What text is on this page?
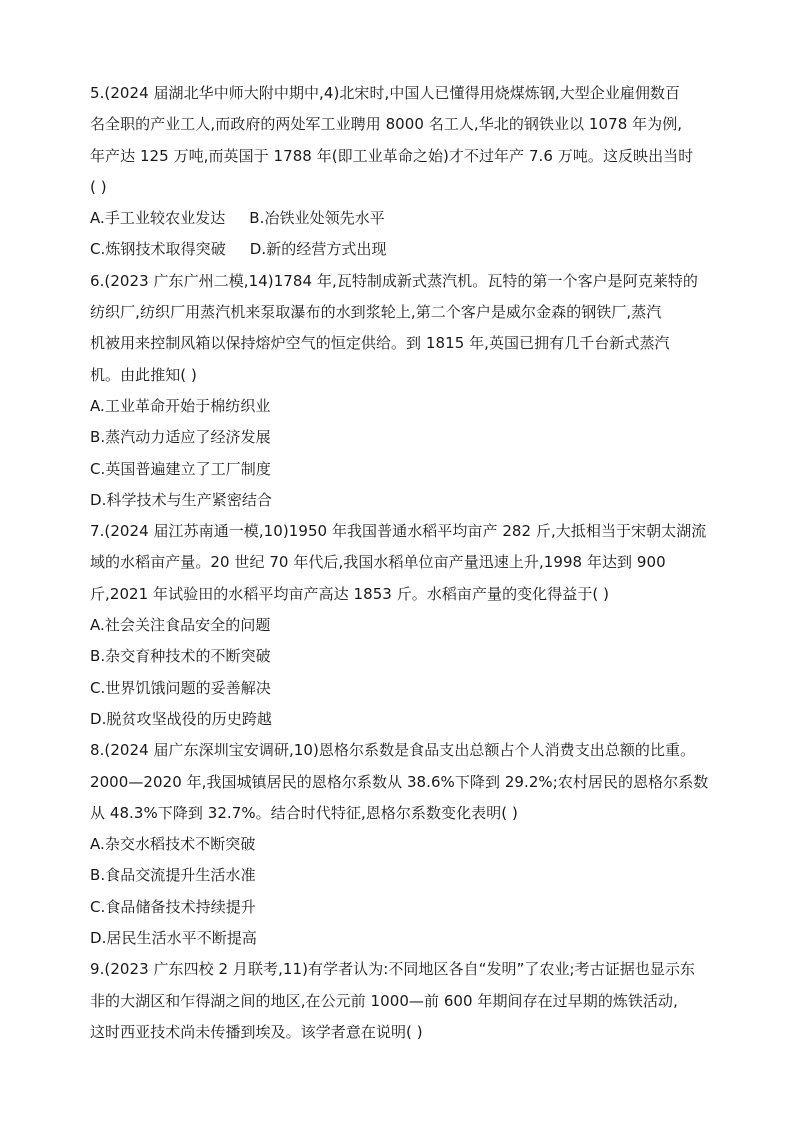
5.(2024 届湖北华中师大附中期中,4)北宋时,中国人已懂得用烧煤炼钢,大型企业雇佣数百
名全职的产业工人,而政府的两处军工业聘用 8000 名工人,华北的钢铁业以 1078 年为例,
年产达 125 万吨,而英国于 1788 年(即工业革命之始)才不过年产 7.6 万吨。这反映出当时
( )
A.手工业较农业发达 B.冶铁业处领先水平
C.炼钢技术取得突破 D.新的经营方式出现
6.(2023 广东广州二模,14)1784 年,瓦特制成新式蒸汽机。瓦特的第一个客户是阿克莱特的
纺织厂,纺织厂用蒸汽机来泵取瀑布的水到浆轮上,第二个客户是威尔金森的钢铁厂,蒸汽
机被用来控制风箱以保持熔炉空气的恒定供给。到 1815 年,英国已拥有几千台新式蒸汽
机。由此推知( )
A.工业革命开始于棉纺织业
B.蒸汽动力适应了经济发展
C.英国普遍建立了工厂制度
D.科学技术与生产紧密结合
7.(2024 届江苏南通一模,10)1950 年我国普通水稻平均亩产 282 斤,大抵相当于宋朝太湖流
域的水稻亩产量。20 世纪 70 年代后,我国水稻单位亩产量迅速上升,1998 年达到 900
斤,2021 年试验田的水稻平均亩产高达 1853 斤。水稻亩产量的变化得益于( )
A.社会关注食品安全的问题
B.杂交育种技术的不断突破
C.世界饥饿问题的妥善解决
D.脱贫攻坚战役的历史跨越
8.(2024 届广东深圳宝安调研,10)恩格尔系数是食品支出总额占个人消费支出总额的比重。
2000—2020 年,我国城镇居民的恩格尔系数从 38.6%下降到 29.2%;农村居民的恩格尔系数
从 48.3%下降到 32.7%。结合时代特征,恩格尔系数变化表明( )
A.杂交水稻技术不断突破
B.食品交流提升生活水准
C.食品储备技术持续提升
D.居民生活水平不断提高
9.(2023 广东四校 2 月联考,11)有学者认为:不同地区各自“发明”了农业;考古证据也显示东
非的大湖区和乍得湖之间的地区,在公元前 1000—前 600 年期间存在过早期的炼铁活动,
这时西亚技术尚未传播到埃及。该学者意在说明( )
